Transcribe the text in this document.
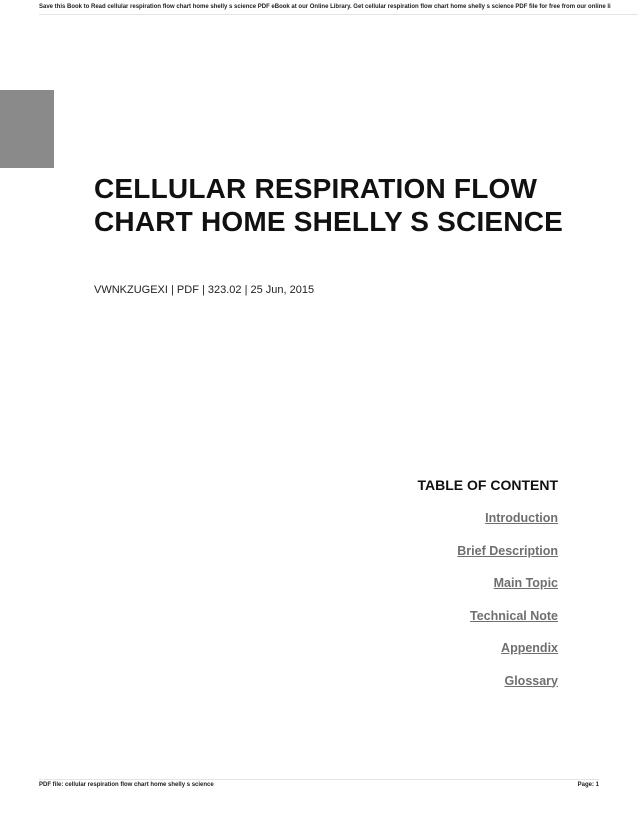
Save this Book to Read cellular respiration flow chart home shelly s science PDF eBook at our Online Library. Get cellular respiration flow chart home shelly s science PDF file for free from our online li
CELLULAR RESPIRATION FLOW CHART HOME SHELLY S SCIENCE
VWNKZUGEXI | PDF | 323.02 | 25 Jun, 2015
TABLE OF CONTENT
Introduction
Brief Description
Main Topic
Technical Note
Appendix
Glossary
PDF file: cellular respiration flow chart home shelly s science	Page: 1
